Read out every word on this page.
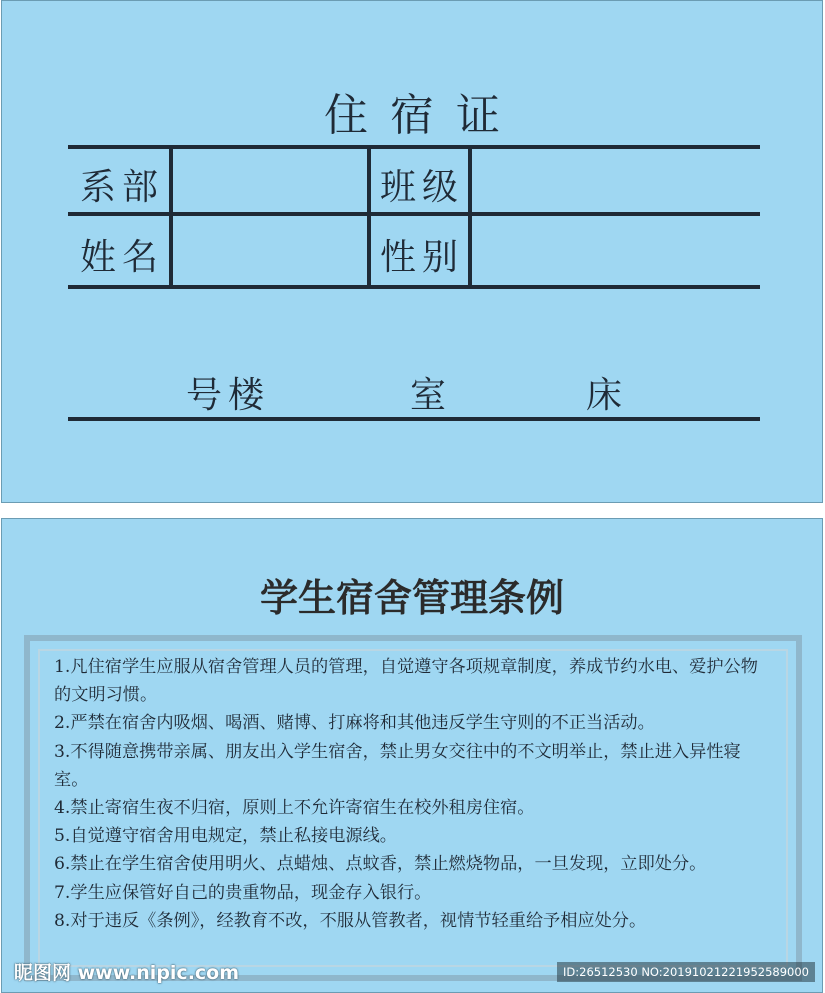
住宿证
系部	班级
姓名	性别
号楼	室	床
学生宿舍管理条例

1.凡住宿学生应服从宿舍管理人员的管理，自觉遵守各项规章制度，养成节约水电、爱护公物的文明习惯。

2.严禁在宿舍内吸烟、喝酒、赌博、打麻将和其他违反学生守则的不正当活动。

3.不得随意携带亲属、朋友出入学生宿舍，禁止男女交往中的不文明举止，禁止进入异性寝室。

4.禁止寄宿生夜不归宿，原则上不允许寄宿生在校外租房住宿。

5.自觉遵守宿舍用电规定，禁止私接电源线。

6.禁止在学生宿舍使用明火、点蜡烛、点蚊香，禁止燃烧物品，一旦发现，立即处分。

7.学生应保管好自己的贵重物品，现金存入银行。

8.对于违反《条例》，经教育不改，不服从管教者，视情节轻重给予相应处分。

昵图网 www.nipic.com	ID:26512530 NO:20191021221952589000
